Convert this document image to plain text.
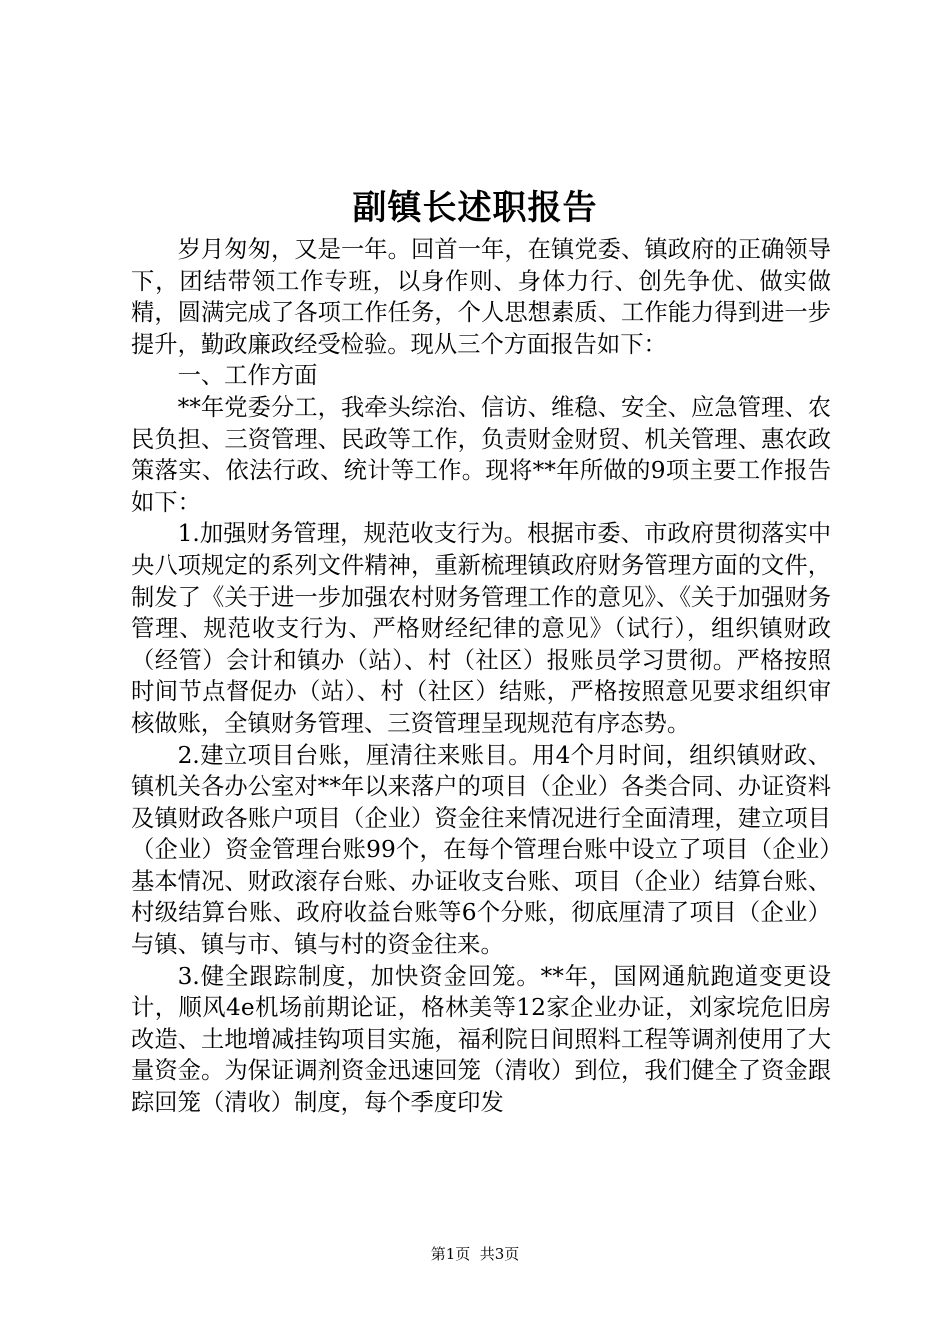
副镇长述职报告

岁月匆匆，又是一年。回首一年，在镇党委、镇政府的正确领导下，团结带领工作专班，以身作则、身体力行、创先争优、做实做精，圆满完成了各项工作任务，个人思想素质、工作能力得到进一步提升，勤政廉政经受检验。现从三个方面报告如下：

一、工作方面

**年党委分工，我牵头综治、信访、维稳、安全、应急管理、农民负担、三资管理、民政等工作，负责财金财贸、机关管理、惠农政策落实、依法行政、统计等工作。现将**年所做的9项主要工作报告如下：

1.加强财务管理，规范收支行为。根据市委、市政府贯彻落实中央八项规定的系列文件精神，重新梳理镇政府财务管理方面的文件，制发了《关于进一步加强农村财务管理工作的意见》、《关于加强财务管理、规范收支行为、严格财经纪律的意见》（试行），组织镇财政（经管）会计和镇办（站）、村（社区）报账员学习贯彻。严格按照时间节点督促办（站）、村（社区）结账，严格按照意见要求组织审核做账，全镇财务管理、三资管理呈现规范有序态势。

2.建立项目台账，厘清往来账目。用4个月时间，组织镇财政、镇机关各办公室对**年以来落户的项目（企业）各类合同、办证资料及镇财政各账户项目（企业）资金往来情况进行全面清理，建立项目（企业）资金管理台账99个，在每个管理台账中设立了项目（企业）基本情况、财政滚存台账、办证收支台账、项目（企业）结算台账、村级结算台账、政府收益台账等6个分账，彻底厘清了项目（企业）与镇、镇与市、镇与村的资金往来。

3.健全跟踪制度，加快资金回笼。**年，国网通航跑道变更设计，顺风4e机场前期论证，格林美等12家企业办证，刘家垸危旧房改造、土地增减挂钩项目实施，福利院日间照料工程等调剂使用了大量资金。为保证调剂资金迅速回笼（清收）到位，我们健全了资金跟踪回笼（清收）制度，每个季度印发

第1页  共3页
